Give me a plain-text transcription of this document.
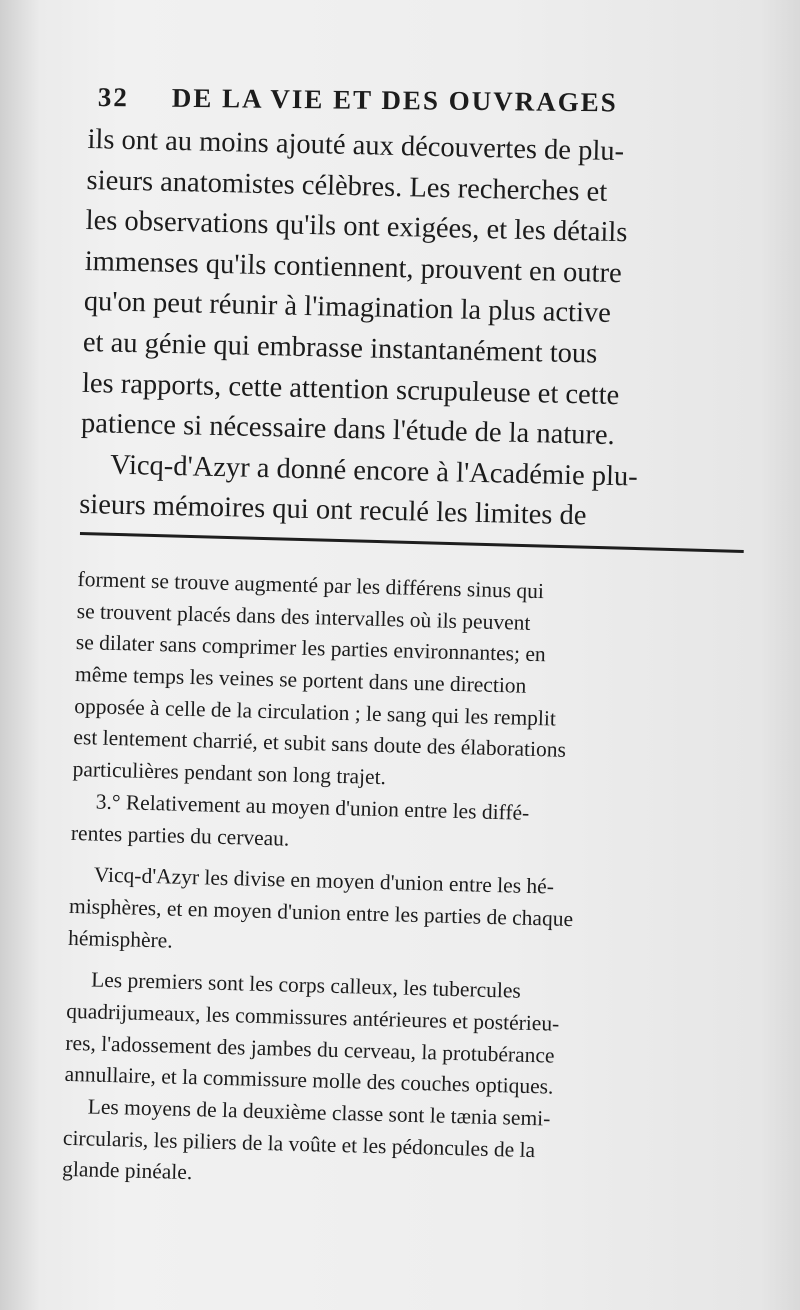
32 DE LA VIE ET DES OUVRAGES
ils ont au moins ajouté aux découvertes de plu-
sieurs anatomistes célèbres. Les recherches et
les observations qu'ils ont exigées, et les détails
immenses qu'ils contiennent, prouvent en outre
qu'on peut réunir à l'imagination la plus active
et au génie qui embrasse instantanément tous
les rapports, cette attention scrupuleuse et cette
patience si nécessaire dans l'étude de la nature.
Vicq-d'Azyr a donné encore à l'Académie plu-
sieurs mémoires qui ont reculé les limites de
forment se trouve augmenté par les différens sinus qui
se trouvent placés dans des intervalles où ils peuvent
se dilater sans comprimer les parties environnantes; en
même temps les veines se portent dans une direction
opposée à celle de la circulation ; le sang qui les remplit
est lentement charrié, et subit sans doute des élaborations
particulières pendant son long trajet.
3.° Relativement au moyen d'union entre les diffé-
rentes parties du cerveau.
Vicq-d'Azyr les divise en moyen d'union entre les hé-
misphères, et en moyen d'union entre les parties de chaque
hémisphère.
Les premiers sont les corps calleux, les tubercules
quadrijumeaux, les commissures antérieures et postérieu-
res, l'adossement des jambes du cerveau, la protubérance
annullaire, et la commissure molle des couches optiques.
Les moyens de la deuxième classe sont le tænia semi-
circularis, les piliers de la voûte et les pédoncules de la
glande pinéale.
